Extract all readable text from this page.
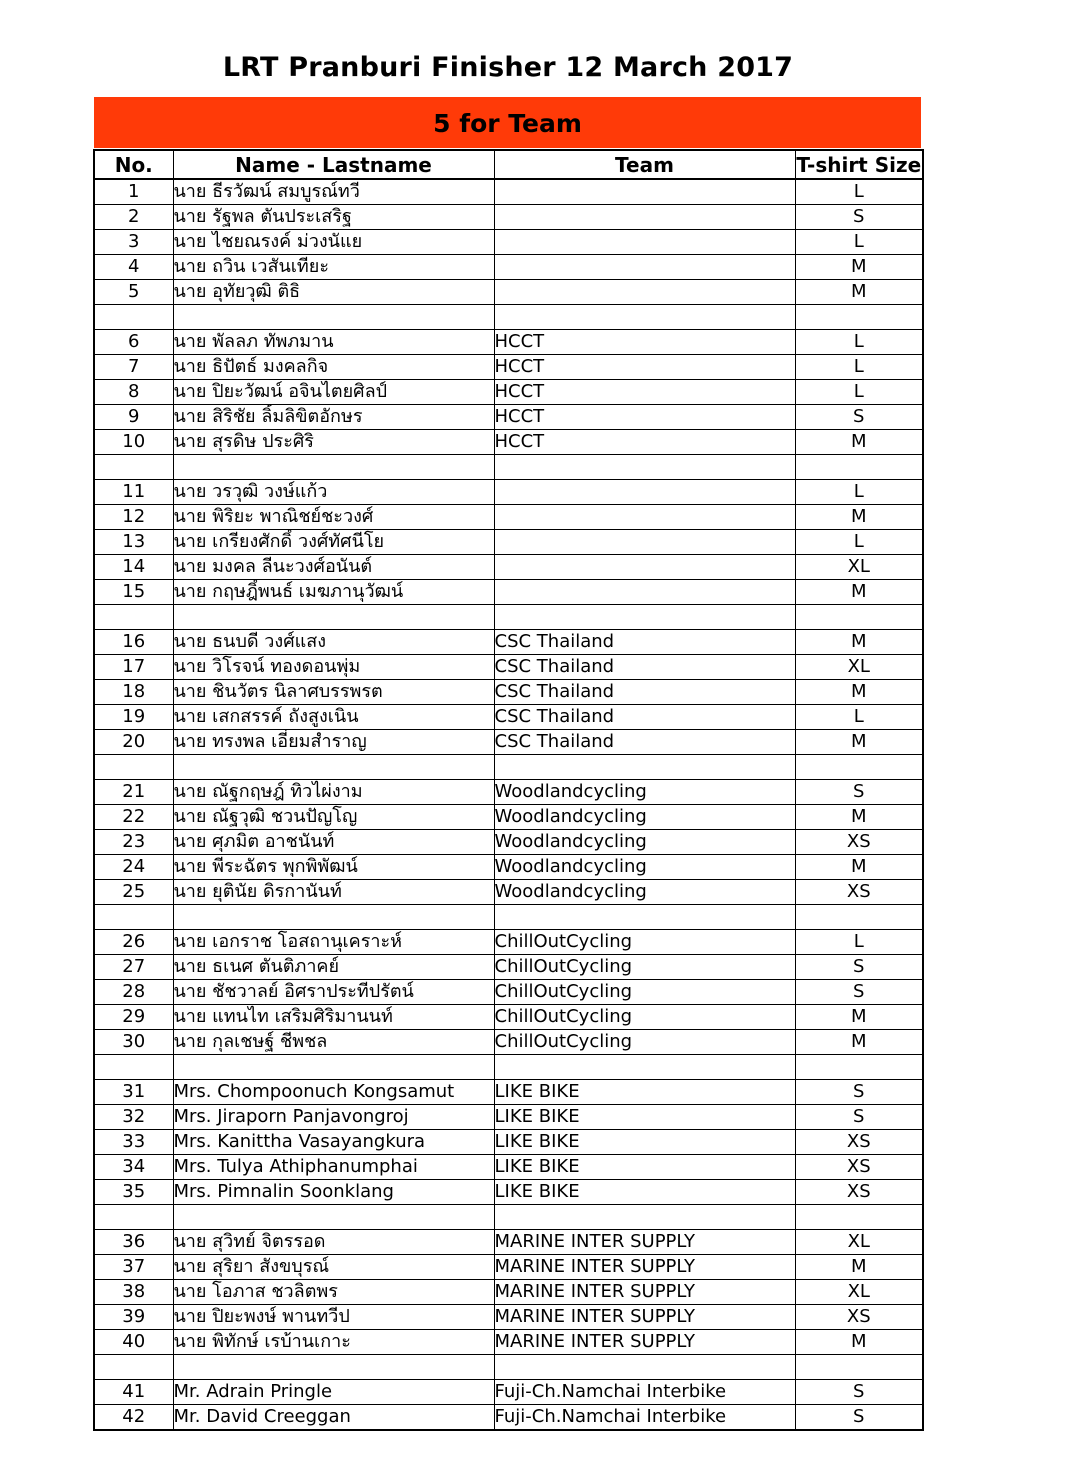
LRT Pranburi Finisher 12 March 2017
5 for Team
No.	Name - Lastname	Team	T-shirt Size
1	นาย ธีรวัฒน์ สมบูรณ์ทวี		L
2	นาย รัฐพล ตันประเสริฐ		S
3	นาย ไชยณรงค์ ม่วงนัแย		L
4	นาย ถวิน เวสันเทียะ		M
5	นาย อุทัยวุฒิ ติธิ		M

6	นาย พัลลภ ทัพภมาน	HCCT	L
7	นาย ธิปัตธ์ มงคลกิจ	HCCT	L
8	นาย ปิยะวัฒน์ อจินไตยศิลป์	HCCT	L
9	นาย สิริชัย ลิ้มลิขิตอักษร	HCCT	S
10	นาย สุรดิษ ประศิริ	HCCT	M

11	นาย วรวุฒิ วงษ์แก้ว		L
12	นาย พิริยะ พาณิชย์ชะวงศ์		M
13	นาย เกรียงศักดิ์ วงศ์ทัศนีโย		L
14	นาย มงคล ลีนะวงศ์อนันต์		XL
15	นาย กฤษฎิ์พนธ์ เมฆภานุวัฒน์		M

16	นาย ธนบดี วงศ์แสง	CSC Thailand	M
17	นาย วิโรจน์ ทองดอนพุ่ม	CSC Thailand	XL
18	นาย ชินวัตร นิลาศบรรพรต	CSC Thailand	M
19	นาย เสกสรรค์ ถังสูงเนิน	CSC Thailand	L
20	นาย ทรงพล เอี่ยมสำราญ	CSC Thailand	M

21	นาย ณัฐกฤษฎ์ ทิวไผ่งาม	Woodlandcycling	S
22	นาย ณัฐวุฒิ ชวนปัญโญ	Woodlandcycling	M
23	นาย ศุภมิต อาชนันท์	Woodlandcycling	XS
24	นาย พีระฉัตร พุกพิพัฒน์	Woodlandcycling	M
25	นาย ยุตินัย ดิรกานันท์	Woodlandcycling	XS

26	นาย เอกราช โอสถานุเคราะห์	ChillOutCycling	L
27	นาย ธเนศ ตันติภาคย์	ChillOutCycling	S
28	นาย ชัชวาลย์ อิศราประทีปรัตน์	ChillOutCycling	S
29	นาย แทนไท เสริมศิริมานนท์	ChillOutCycling	M
30	นาย กุลเชษฐ์ ชีพชล	ChillOutCycling	M

31	Mrs. Chompoonuch Kongsamut	LIKE BIKE	S
32	Mrs. Jiraporn Panjavongroj	LIKE BIKE	S
33	Mrs. Kanittha Vasayangkura	LIKE BIKE	XS
34	Mrs. Tulya Athiphanumphai	LIKE BIKE	XS
35	Mrs. Pimnalin Soonklang	LIKE BIKE	XS

36	นาย สุวิทย์ จิตรรอด	MARINE INTER SUPPLY	XL
37	นาย สุริยา สังขบุรณ์	MARINE INTER SUPPLY	M
38	นาย โอภาส ชวลิตพร	MARINE INTER SUPPLY	XL
39	นาย ปิยะพงษ์ พานทวีป	MARINE INTER SUPPLY	XS
40	นาย พิทักษ์ เรบ้านเกาะ	MARINE INTER SUPPLY	M

41	Mr. Adrain Pringle	Fuji-Ch.Namchai Interbike	S
42	Mr. David Creeggan	Fuji-Ch.Namchai Interbike	S
